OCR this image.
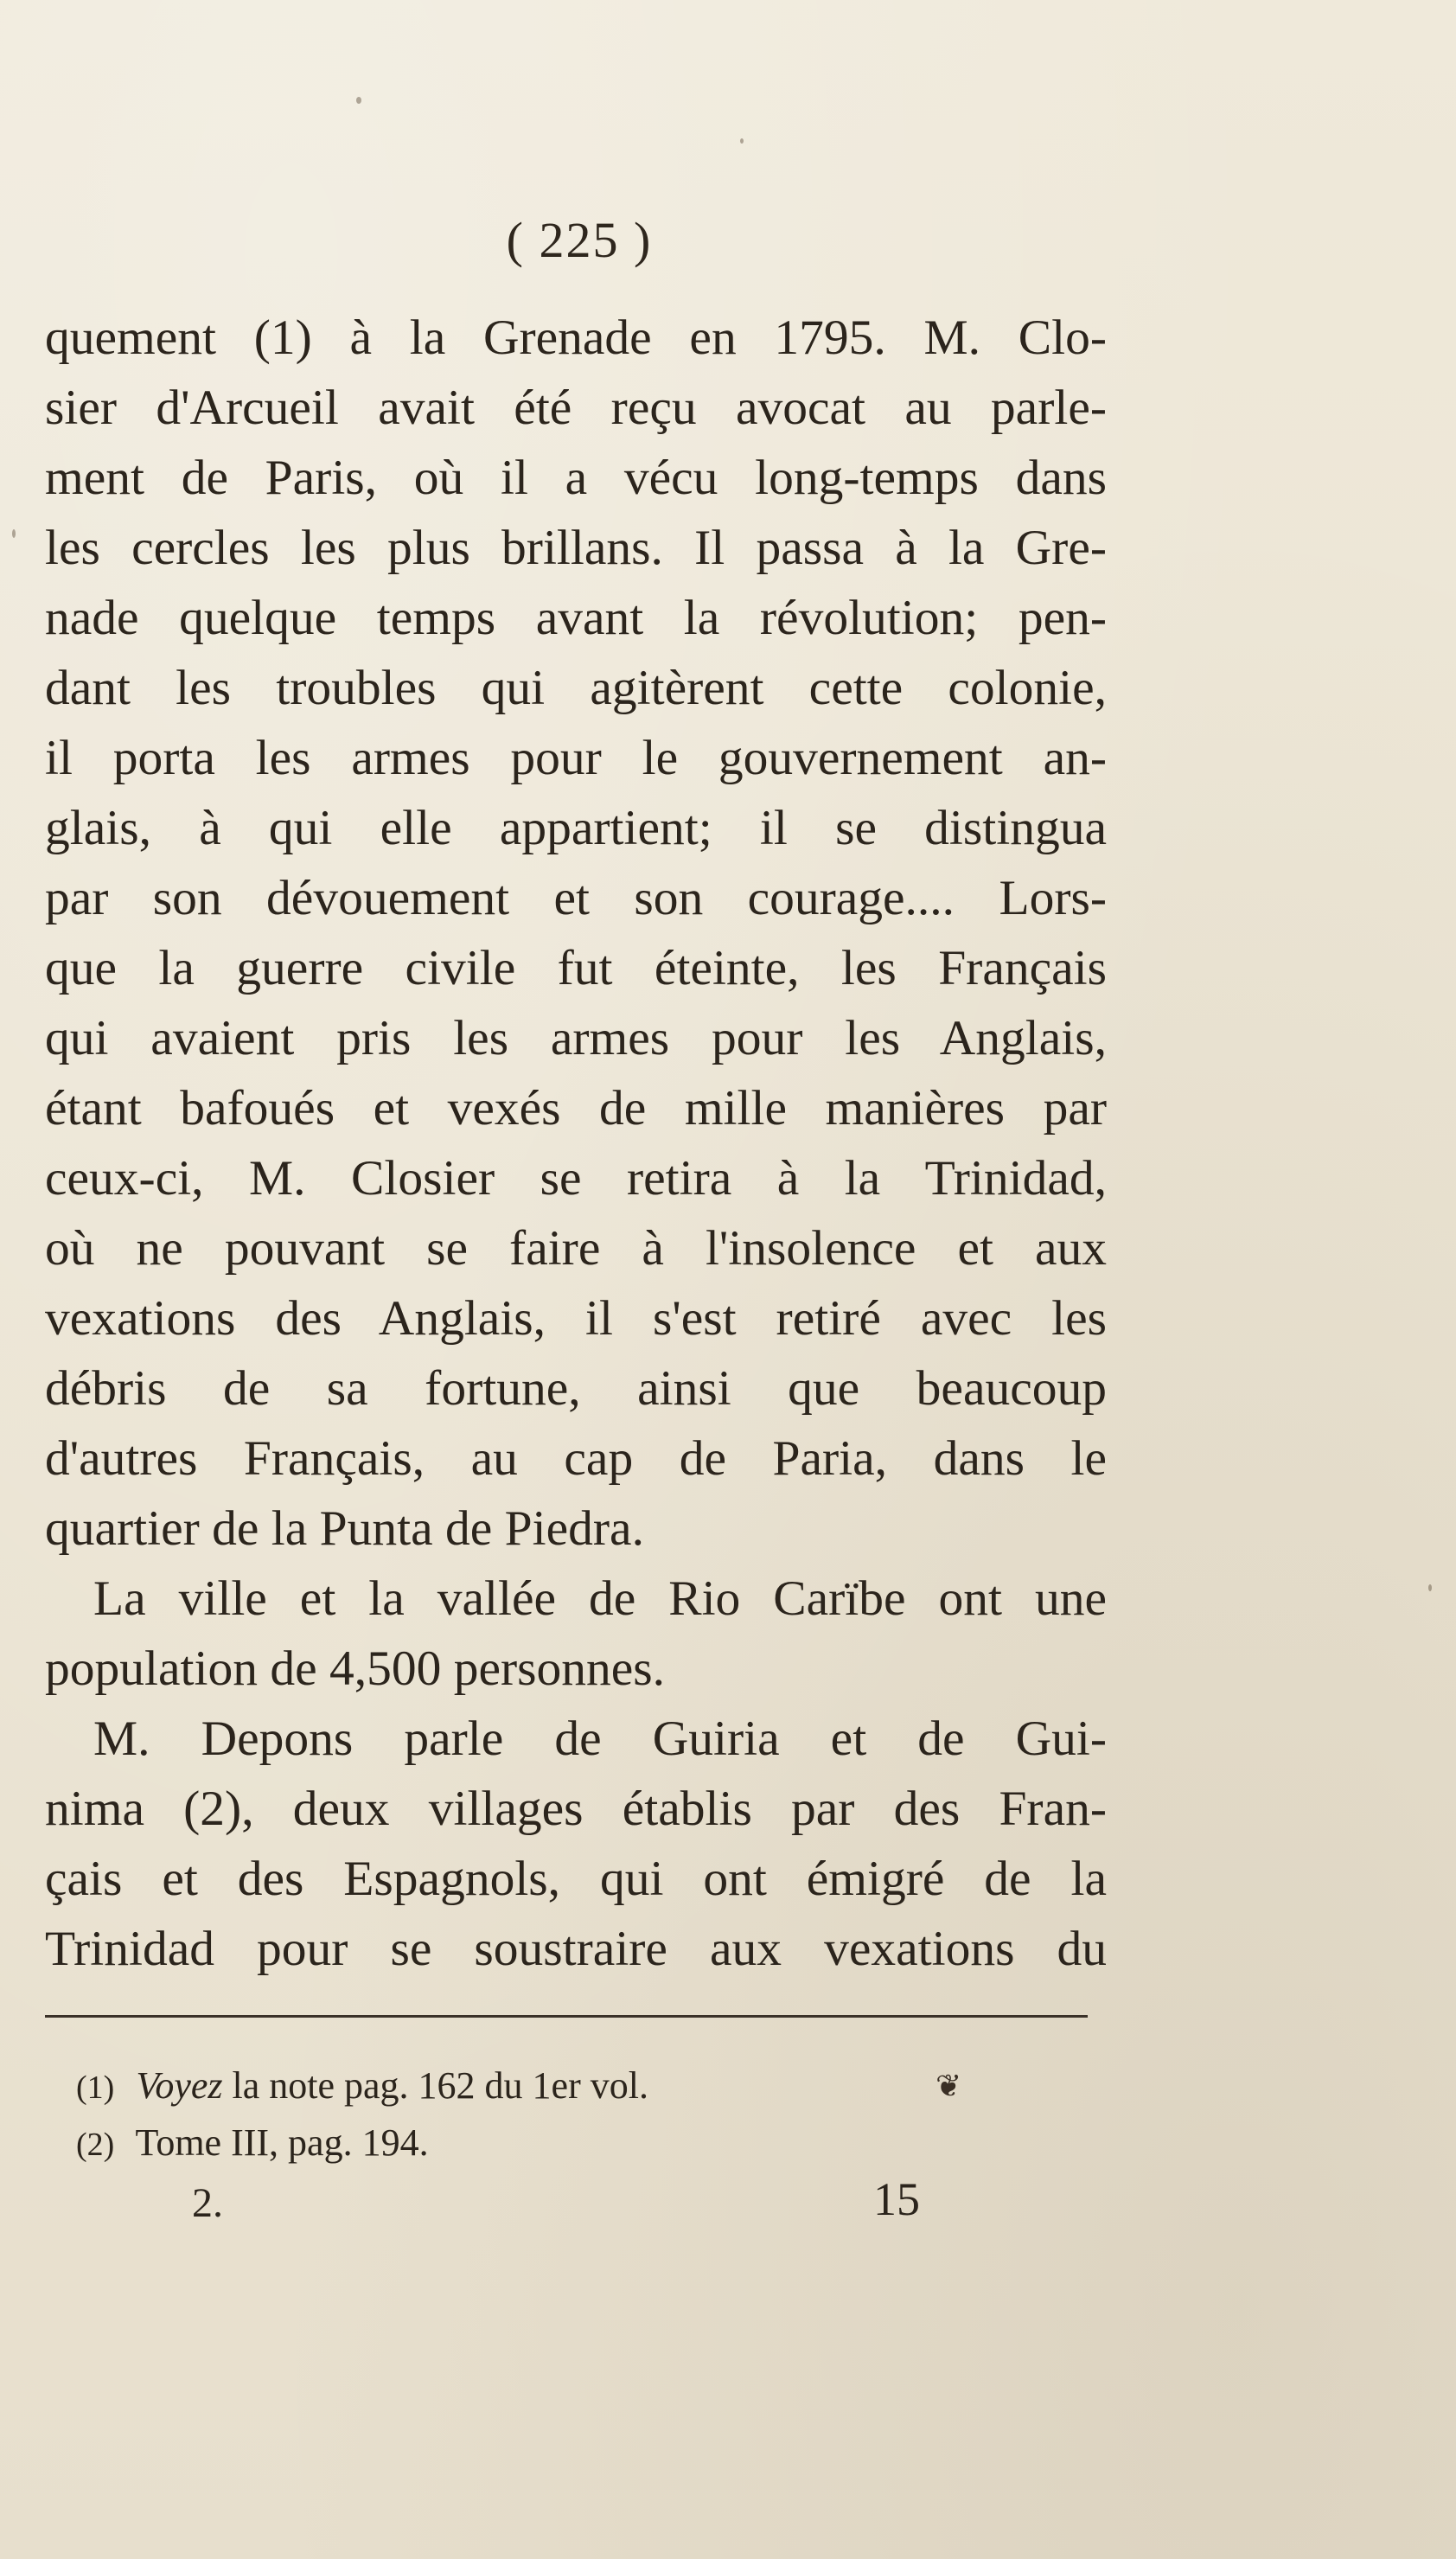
( 225 )
quement (1) à la Grenade en 1795. M. Clo-
sier d'Arcueil avait été reçu avocat au parle-
ment de Paris, où il a vécu long-temps dans
les cercles les plus brillans. Il passa à la Gre-
nade quelque temps avant la révolution; pen-
dant les troubles qui agitèrent cette colonie,
il porta les armes pour le gouvernement an-
glais, à qui elle appartient; il se distingua
par son dévouement et son courage.... Lors-
que la guerre civile fut éteinte, les Français
qui avaient pris les armes pour les Anglais,
étant bafoués et vexés de mille manières par
ceux-ci, M. Closier se retira à la Trinidad,
où ne pouvant se faire à l'insolence et aux
vexations des Anglais, il s'est retiré avec les
débris de sa fortune, ainsi que beaucoup
d'autres Français, au cap de Paria, dans le
quartier de la Punta de Piedra.
La ville et la vallée de Rio Carïbe ont une
population de 4,500 personnes.
M. Depons parle de Guiria et de Gui-
nima (2), deux villages établis par des Fran-
çais et des Espagnols, qui ont émigré de la
Trinidad pour se soustraire aux vexations du
(1) Voyez la note pag. 162 du 1er vol.
(2) Tome III, pag. 194.
❦
2.	15
